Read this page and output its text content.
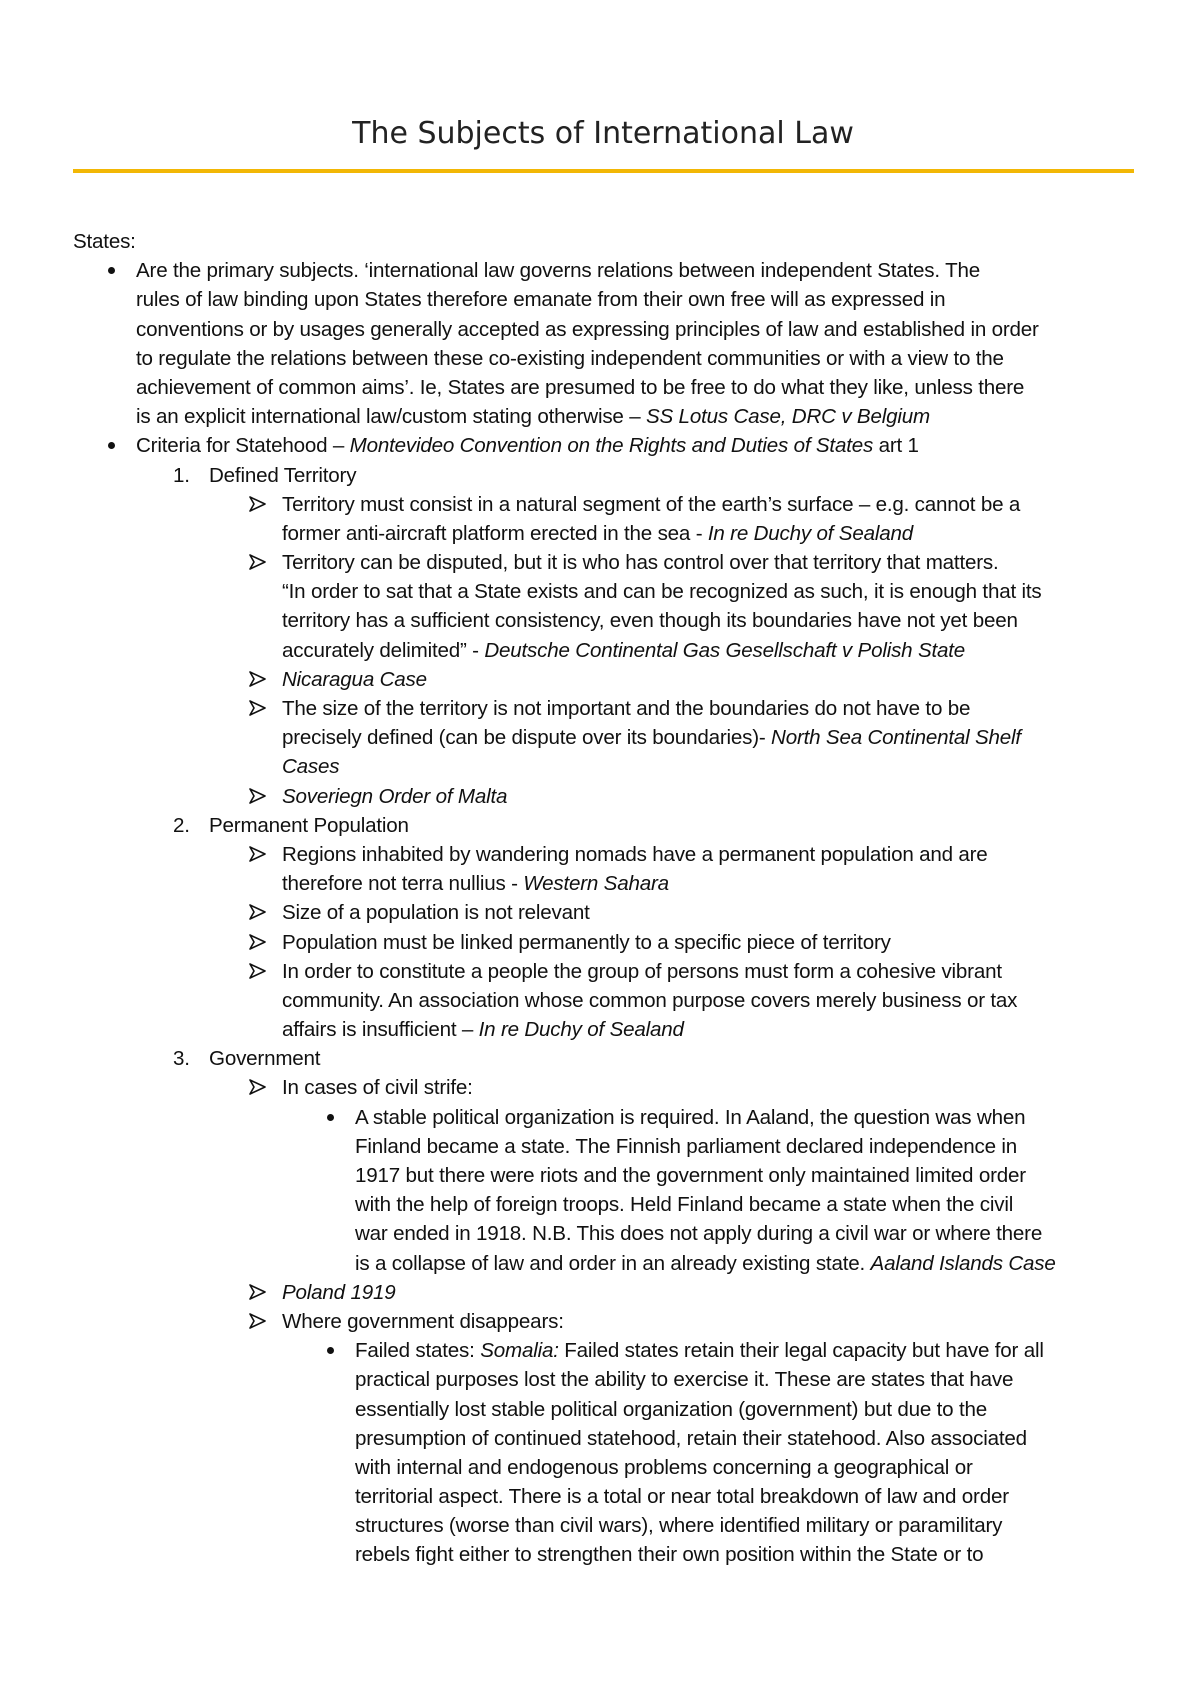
The Subjects of International Law
States:
Are the primary subjects. ‘international law governs relations between independent States. The
rules of law binding upon States therefore emanate from their own free will as expressed in
conventions or by usages generally accepted as expressing principles of law and established in order
to regulate the relations between these co-existing independent communities or with a view to the
achievement of common aims’. Ie, States are presumed to be free to do what they like, unless there
is an explicit international law/custom stating otherwise – SS Lotus Case, DRC v Belgium
Criteria for Statehood – Montevideo Convention on the Rights and Duties of States art 1
1. Defined Territory
Territory must consist in a natural segment of the earth’s surface – e.g. cannot be a
former anti-aircraft platform erected in the sea - In re Duchy of Sealand
Territory can be disputed, but it is who has control over that territory that matters.
“In order to sat that a State exists and can be recognized as such, it is enough that its
territory has a sufficient consistency, even though its boundaries have not yet been
accurately delimited” - Deutsche Continental Gas Gesellschaft v Polish State
Nicaragua Case
The size of the territory is not important and the boundaries do not have to be
precisely defined (can be dispute over its boundaries)- North Sea Continental Shelf
Cases
Soveriegn Order of Malta
2. Permanent Population
Regions inhabited by wandering nomads have a permanent population and are
therefore not terra nullius - Western Sahara
Size of a population is not relevant
Population must be linked permanently to a specific piece of territory
In order to constitute a people the group of persons must form a cohesive vibrant
community. An association whose common purpose covers merely business or tax
affairs is insufficient – In re Duchy of Sealand
3. Government
In cases of civil strife:
A stable political organization is required. In Aaland, the question was when
Finland became a state. The Finnish parliament declared independence in
1917 but there were riots and the government only maintained limited order
with the help of foreign troops. Held Finland became a state when the civil
war ended in 1918. N.B. This does not apply during a civil war or where there
is a collapse of law and order in an already existing state. Aaland Islands Case
Poland 1919
Where government disappears:
Failed states: Somalia: Failed states retain their legal capacity but have for all
practical purposes lost the ability to exercise it. These are states that have
essentially lost stable political organization (government) but due to the
presumption of continued statehood, retain their statehood. Also associated
with internal and endogenous problems concerning a geographical or
territorial aspect. There is a total or near total breakdown of law and order
structures (worse than civil wars), where identified military or paramilitary
rebels fight either to strengthen their own position within the State or to
